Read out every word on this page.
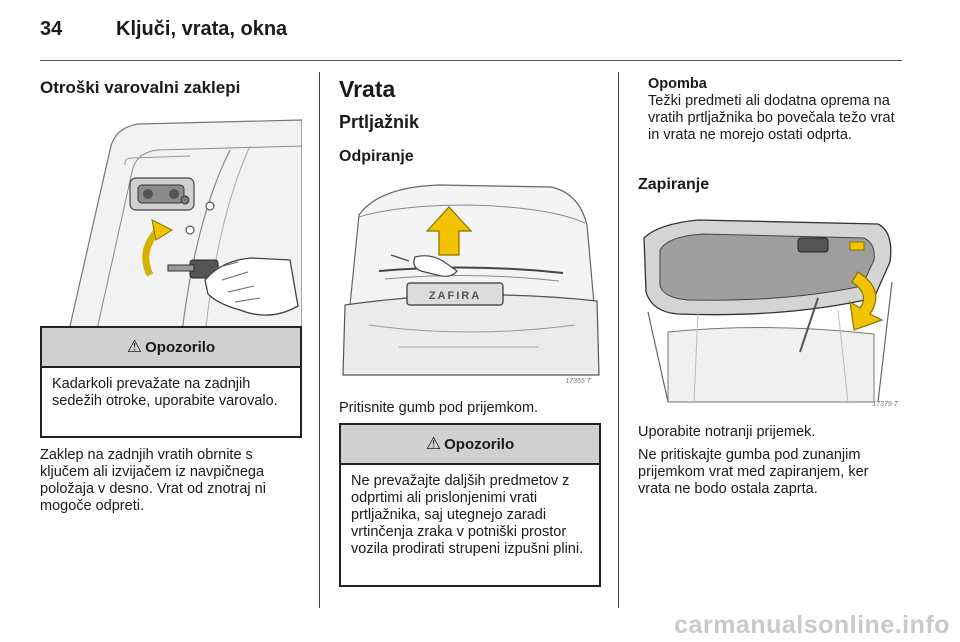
34	Ključi, vrata, okna
Otroški varovalni zaklepi
⚠ Opozorilo
Kadarkoli prevažate na zadnjih sedežih otroke, uporabite varovalo.

Zaklep na zadnjih vratih obrnite s ključem ali izvijačem iz navpičnega položaja v desno. Vrat od znotraj ni mogoče odpreti.

Vrata
Prtljažnik
Odpiranje
ZAFIRA
17355 T

Pritisnite gumb pod prijemkom.

⚠ Opozorilo
Ne prevažajte daljših predmetov z odprtimi ali prislonjenimi vrati prtljažnika, saj utegnejo zaradi vrtinčenja zraka v potniški prostor vozila prodirati strupeni izpušni plini.
Opomba
Težki predmeti ali dodatna oprema na vratih prtljažnika bo povečala težo vrat in vrata ne morejo ostati odprta.
Zapiranje
17379 T

Uporabite notranji prijemek.

Ne pritiskajte gumba pod zunanjim prijemkom vrat med zapiranjem, ker vrata ne bodo ostala zaprta.

carmanualsonline.info
